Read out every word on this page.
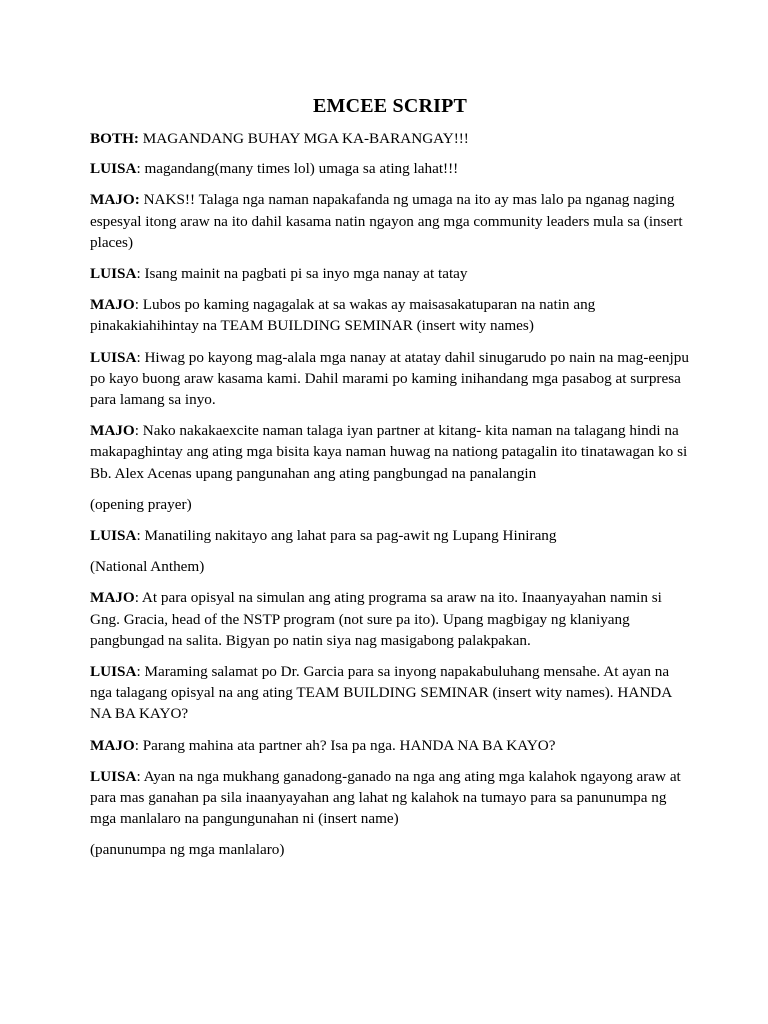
EMCEE SCRIPT

BOTH: MAGANDANG BUHAY MGA KA-BARANGAY!!!

LUISA: magandang(many times lol) umaga sa ating lahat!!!

MAJO: NAKS!! Talaga nga naman napakafanda ng umaga na ito ay mas lalo pa nganag naging espesyal itong araw na ito dahil kasama natin ngayon ang mga community leaders mula sa (insert places)

LUISA: Isang mainit na pagbati pi sa inyo mga nanay at tatay

MAJO: Lubos po kaming nagagalak at sa wakas ay maisasakatuparan na natin ang pinakakiahihintay na TEAM BUILDING SEMINAR (insert wity names)

LUISA: Hiwag po kayong mag-alala mga nanay at atatay dahil sinugarudo po nain na mag-eenjpu po kayo buong araw kasama kami. Dahil marami po kaming inihandang mga pasabog at surpresa para lamang sa inyo.

MAJO: Nako nakakaexcite naman talaga iyan partner at kitang- kita naman na talagang hindi na makapaghintay ang ating mga bisita kaya naman huwag na nationg patagalin ito tinatawagan ko si Bb. Alex Acenas upang pangunahan ang ating pangbungad na panalangin

(opening prayer)

LUISA: Manatiling nakitayo ang lahat para sa pag-awit ng Lupang Hinirang

(National Anthem)

MAJO: At para opisyal na simulan ang ating programa sa araw na ito. Inaanyayahan namin si Gng. Gracia, head of the NSTP program (not sure pa ito). Upang magbigay ng klaniyang pangbungad na salita. Bigyan po natin siya nag masigabong palakpakan.

LUISA: Maraming salamat po Dr. Garcia para sa inyong napakabuluhang mensahe. At ayan na nga talagang opisyal na ang ating TEAM BUILDING SEMINAR (insert wity names). HANDA NA BA KAYO?

MAJO: Parang mahina ata partner ah? Isa pa nga. HANDA NA BA KAYO?

LUISA: Ayan na nga mukhang ganadong-ganado na nga ang ating mga kalahok ngayong araw at para mas ganahan pa sila inaanyayahan ang lahat ng kalahok na tumayo para sa panunumpa ng mga manlalaro na pangungunahan ni (insert name)

(panunumpa ng mga manlalaro)
